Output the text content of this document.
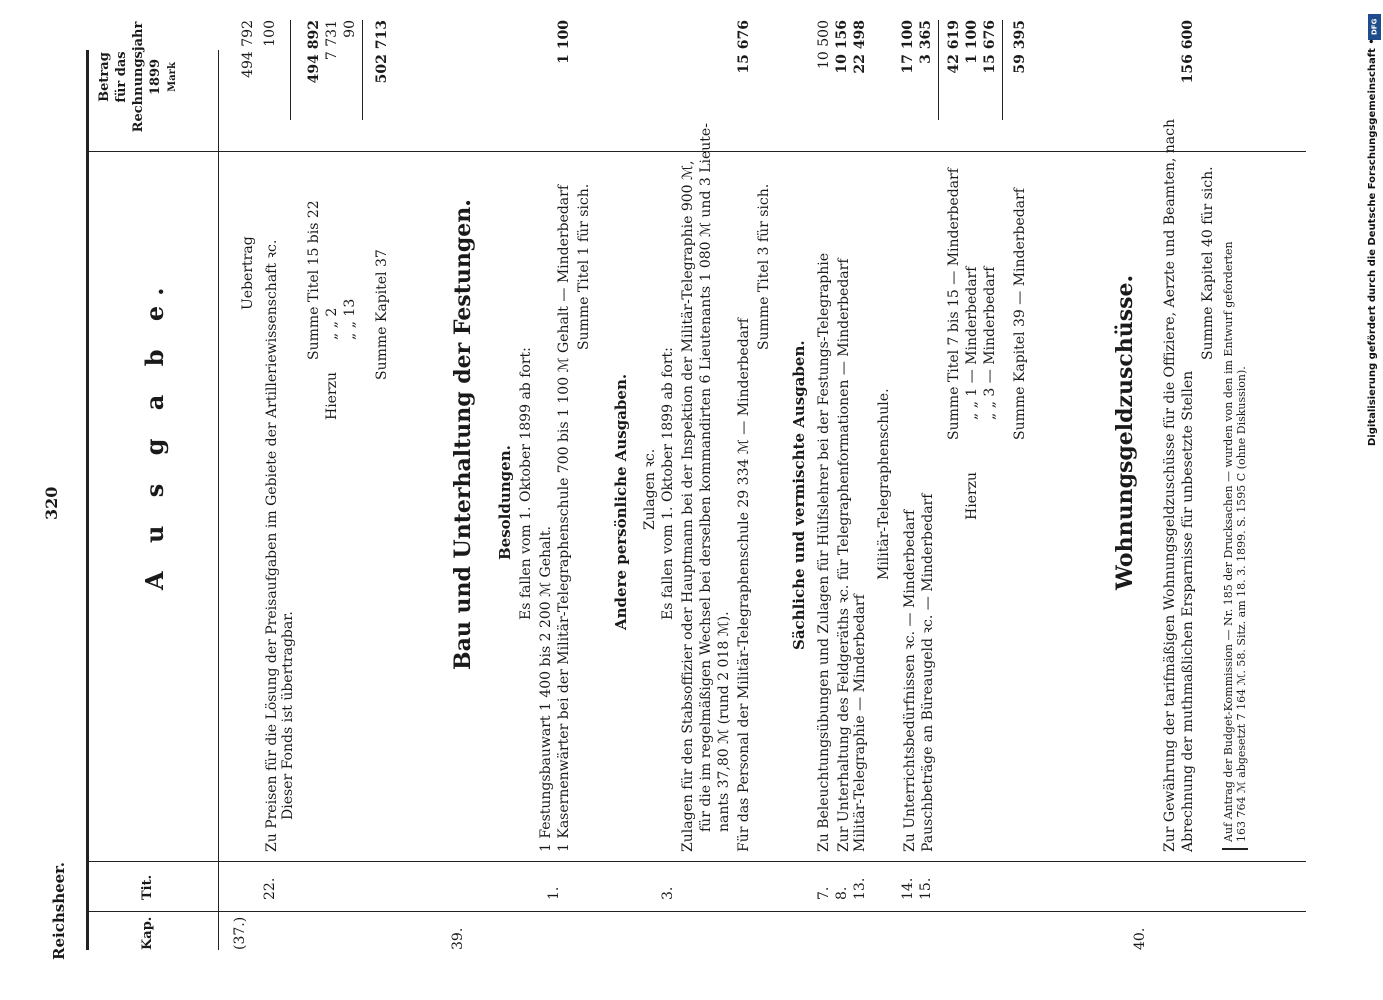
Reichsheer.
320
Kap.
Tit.
A u s g a b e.
Betrag für das Rechnungsjahr 1899 Mark
(37.)
22.
Zu Preisen für die Lösung der Preisaufgaben im Gebiete der Artilleriewissenschaft ꝛc. Dieser Fonds ist übertragbar.
Uebertrag
494 792 100
Summe Titel 15 bis 22
494 892
Hierzu
„ „ 2
7 731
„ „ 13
90
Summe Kapitel 37
502 713
39.
Bau und Unterhaltung der Festungen. Besoldungen. Es fallen vom 1. Oktober 1899 ab fort:
1.
1 Festungsbauwart 1 400 bis 2 200 ℳ Gehalt. 1 Kasernenwärter bei der Militär-Telegraphenschule 700 bis 1 100 ℳ Gehalt — Minderbedarf
1 100
Summe Titel 1 für sich.
Andere persönliche Ausgaben. Zulagen ꝛc.
3.
Es fallen vom 1. Oktober 1899 ab fort: Zulagen für den Stabsoffizier oder Hauptmann bei der Inspektion der Militär-Telegraphie 900 ℳ, für die im regelmäßigen Wechsel bei derselben kommandirten 6 Lieutenants 1 080 ℳ und 3 Lieute- nants 37,80 ℳ (rund 2 018 ℳ). Für das Personal der Militär-Telegraphenschule 29 334 ℳ — Minderbedarf
15 676
Summe Titel 3 für sich.
Sächliche und vermischte Ausgaben.
7.
Zu Beleuchtungsübungen und Zulagen für Hülfslehrer bei der Festungs-Telegraphie
10 500
8.
Zur Unterhaltung des Feldgeräths ꝛc. für Telegraphenformationen — Minderbedarf
10 156
13.
Militär-Telegraphie — Minderbedarf
22 498
Militär-Telegraphenschule.
14.
Zu Unterrichtsbedürfnissen ꝛc. — Minderbedarf
17 100
15.
Pauschbeträge an Büreaugeld ꝛc. — Minderbedarf
3 365
Summe Titel 7 bis 15 — Minderbedarf
42 619
Hierzu
„ „ 1 — Minderbedarf
1 100
„ „ 3 — Minderbedarf
15 676
Summe Kapitel 39 — Minderbedarf
59 395
40.
Wohnungsgeldzuschüsse. Zur Gewährung der tarifmäßigen Wohnungsgeldzuschüsse für die Offiziere, Aerzte und Beamten, nach Abrechnung der muthmaßlichen Ersparnisse für unbesetzte Stellen
156 600
Summe Kapitel 40 für sich. Auf Antrag der Budget-Kommission — Nr. 185 der Drucksachen — wurden von den im Entwurf geforderten 163 764 ℳ abgesetzt 7 164 ℳ. 58. Sitz. am 18. 3. 1899. S. 1595 C (ohne Diskussion).
DFG
Digitalisierung gefördert durch die Deutsche Forschungsgemeinschaft •
